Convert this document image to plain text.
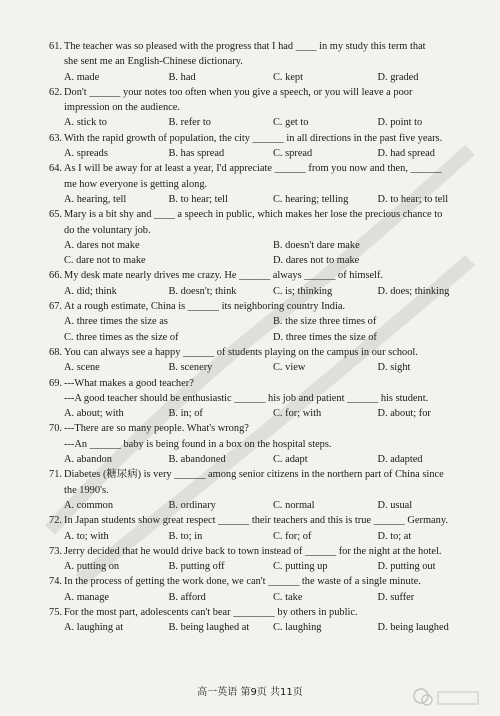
61. The teacher was so pleased with the progress that I had ____ in my study this term that
she sent me an English-Chinese dictionary.
A. made	B. had	C. kept	D. graded
62. Don't ______ your notes too often when you give a speech, or you will leave a poor
impression on the audience.
A. stick to	B. refer to	C. get to	D. point to
63. With the rapid growth of population, the city ______ in all directions in the past five years.
A. spreads	B. has spread	C. spread	D. had spread
64. As I will be away for at least a year, I'd appreciate ______ from you now and then, ______
me how everyone is getting along.
A. hearing, tell	B. to hear; tell	C. hearing; telling	D. to hear; to tell
65. Mary is a bit shy and ____ a speech in public, which makes her lose the precious chance to
do the voluntary job.
A. dares not make	B. doesn't dare make
C. dare not to make	D. dares not to make
66. My desk mate nearly drives me crazy. He ______ always ______ of himself.
A. did; think	B. doesn't; think	C. is; thinking	D. does; thinking
67. At a rough estimate, China is ______ its neighboring country India.
A. three times the size as	B. the size three times of
C. three times as the size of	D. three times the size of
68. You can always see a happy ______ of students playing on the campus in our school.
A. scene	B. scenery	C. view	D. sight
69. ---What makes a good teacher?
---A good teacher should be enthusiastic ______ his job and patient ______ his student.
A. about; with	B. in; of	C. for; with	D. about; for
70. ---There are so many people. What's wrong?
---An ______ baby is being found in a box on the hospital steps.
A. abandon	B. abandoned	C. adapt	D. adapted
71. Diabetes (糖尿病) is very ______ among senior citizens in the northern part of China since
the 1990's.
A. common	B. ordinary	C. normal	D. usual
72. In Japan students show great respect ______ their teachers and this is true ______ Germany.
A. to; with	B. to; in	C. for; of	D. to; at
73. Jerry decided that he would drive back to town instead of ______ for the night at the hotel.
A. putting on	B. putting off	C. putting up	D. putting out
74. In the process of getting the work done, we can't ______ the waste of a single minute.
A. manage	B. afford	C. take	D. suffer
75. For the most part, adolescents can't bear ________ by others in public.
A. laughing at	B. being laughed at	C. laughing	D. being laughed
高一英语 第9页 共11页
